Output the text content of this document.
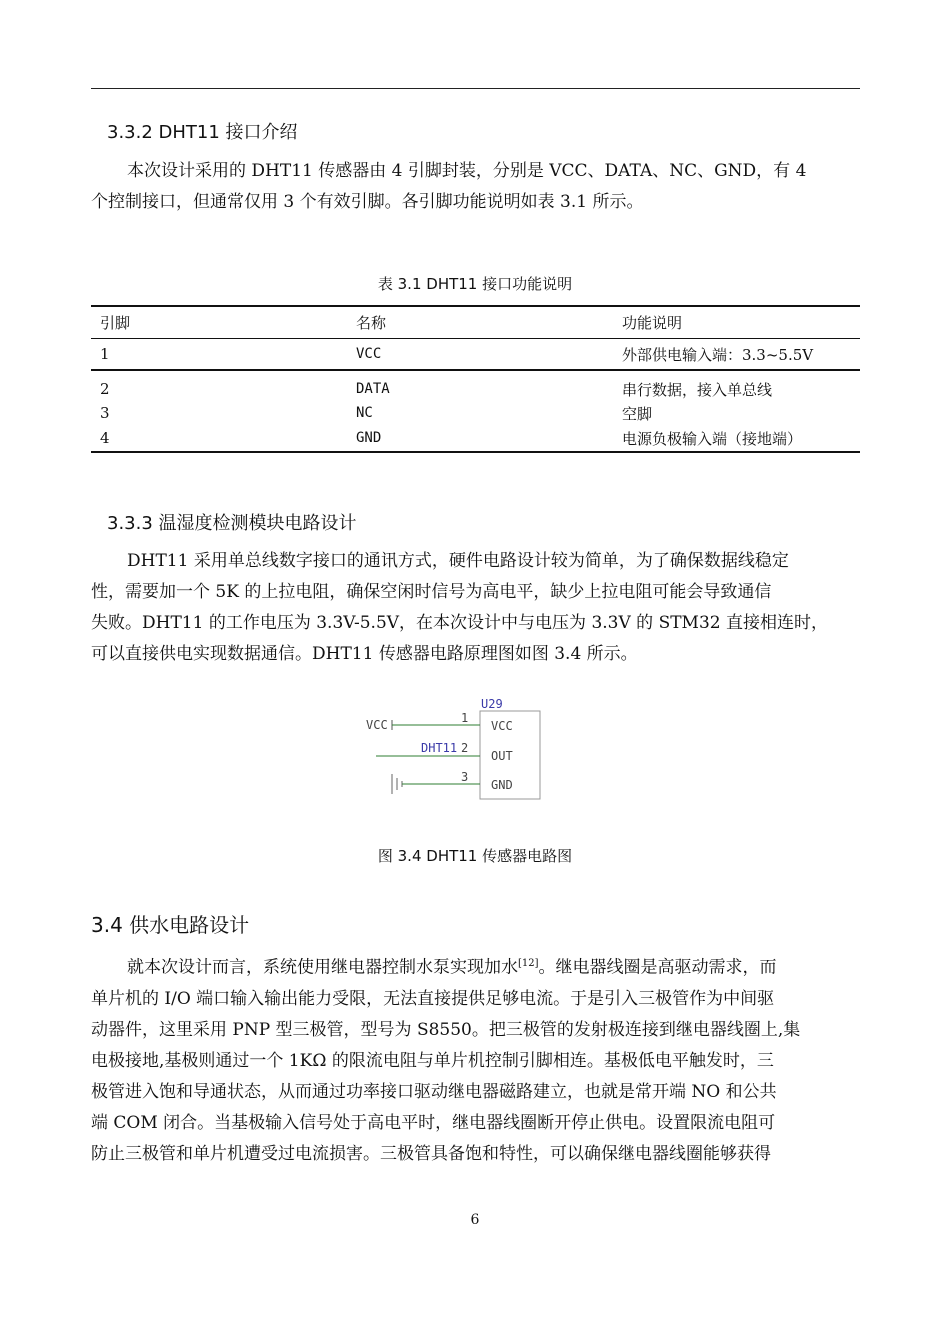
3.3.2 DHT11 接口介绍
本次设计采用的 DHT11 传感器由 4 引脚封装，分别是 VCC、DATA、NC、GND，有 4
个控制接口，但通常仅用 3 个有效引脚。各引脚功能说明如表 3.1 所示。
表 3.1 DHT11 接口功能说明
引脚	名称	功能说明
1	VCC	外部供电输入端：3.3~5.5V
2	DATA	串行数据，接入单总线
3	NC	空脚
4	GND	电源负极输入端（接地端）
3.3.3 温湿度检测模块电路设计
DHT11 采用单总线数字接口的通讯方式，硬件电路设计较为简单，为了确保数据线稳定
性，需要加一个 5K 的上拉电阻，确保空闲时信号为高电平，缺少上拉电阻可能会导致通信
失败。DHT11 的工作电压为 3.3V-5.5V，在本次设计中与电压为 3.3V 的 STM32 直接相连时，
可以直接供电实现数据通信。DHT11 传感器电路原理图如图 3.4 所示。
U29
VCC	1
VCC
DHT11 2
OUT
3
GND
图 3.4 DHT11 传感器电路图
3.4 供水电路设计
就本次设计而言，系统使用继电器控制水泵实现加水[12]。继电器线圈是高驱动需求，而
单片机的 I/O 端口输入输出能力受限，无法直接提供足够电流。于是引入三极管作为中间驱
动器件，这里采用 PNP 型三极管，型号为 S8550。把三极管的发射极连接到继电器线圈上,集
电极接地,基极则通过一个 1KΩ 的限流电阻与单片机控制引脚相连。基极低电平触发时，三
极管进入饱和导通状态，从而通过功率接口驱动继电器磁路建立，也就是常开端 NO 和公共
端 COM 闭合。当基极输入信号处于高电平时，继电器线圈断开停止供电。设置限流电阻可
防止三极管和单片机遭受过电流损害。三极管具备饱和特性，可以确保继电器线圈能够获得
6
